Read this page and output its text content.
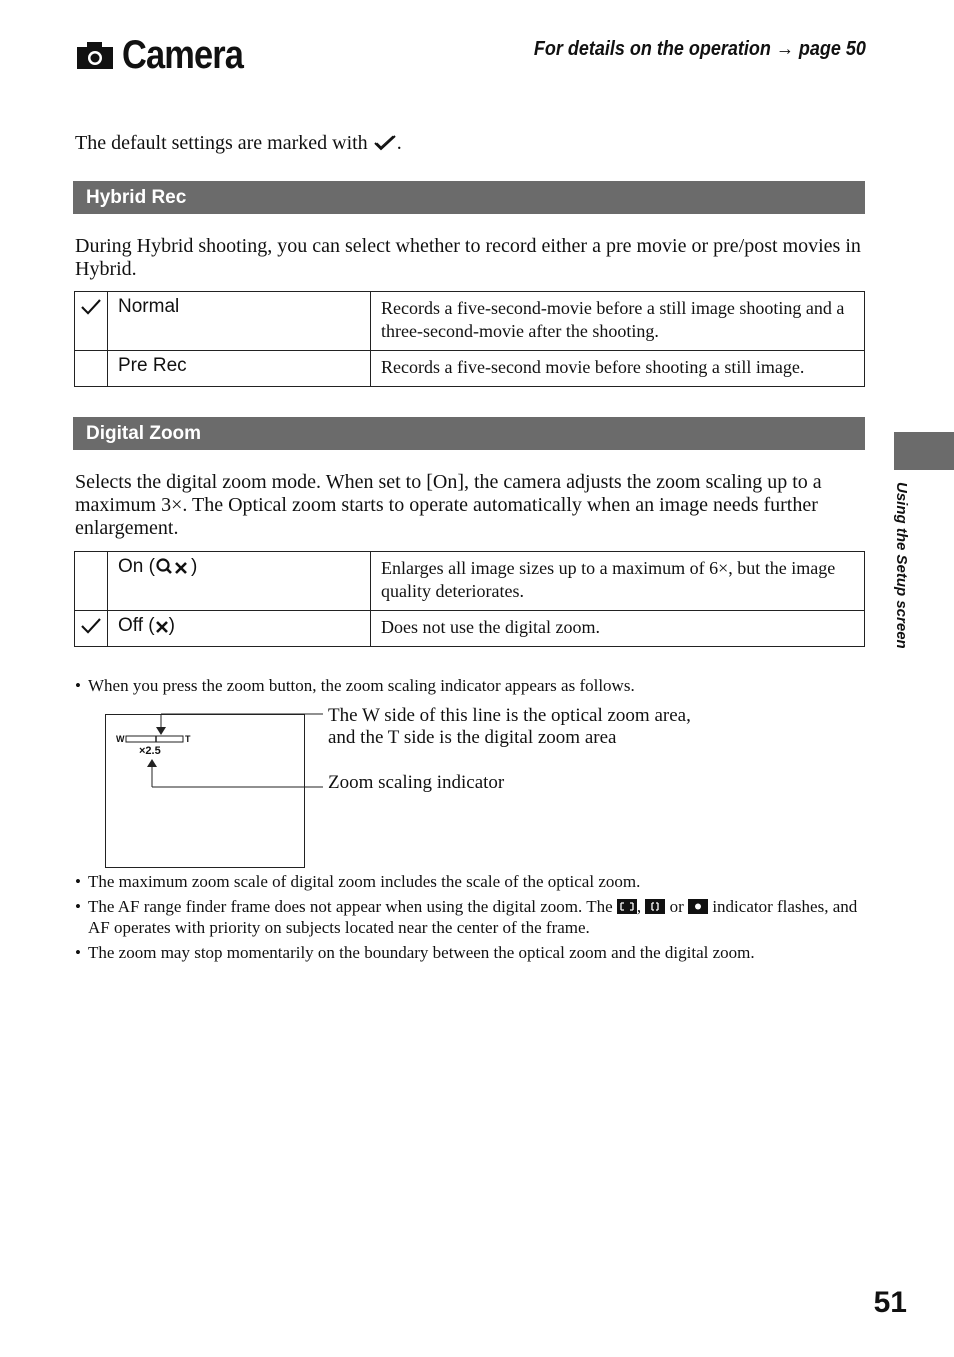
Camera	For details on the operation → page 50
The default settings are marked with .
Hybrid Rec
During Hybrid shooting, you can select whether to record either a pre movie or pre/post movies in Hybrid.
	Normal	Records a five-second-movie before a still image shooting and a three-second-movie after the shooting.
	Pre Rec	Records a five-second movie before shooting a still image.
Digital Zoom
Selects the digital zoom mode. When set to [On], the camera adjusts the zoom scaling up to a maximum 3×. The Optical zoom starts to operate automatically when an image needs further enlargement.
	On ( )	Enlarges all image sizes up to a maximum of 6×, but the image quality deteriorates.
	Off ( )	Does not use the digital zoom.
• When you press the zoom button, the zoom scaling indicator appears as follows.
W	T
×2.5
The W side of this line is the optical zoom area,
and the T side is the digital zoom area
Zoom scaling indicator
• The maximum zoom scale of digital zoom includes the scale of the optical zoom.
• The AF range finder frame does not appear when using the digital zoom. The , or indicator flashes, and AF operates with priority on subjects located near the center of the frame.
• The zoom may stop momentarily on the boundary between the optical zoom and the digital zoom.
Using the Setup screen
51
